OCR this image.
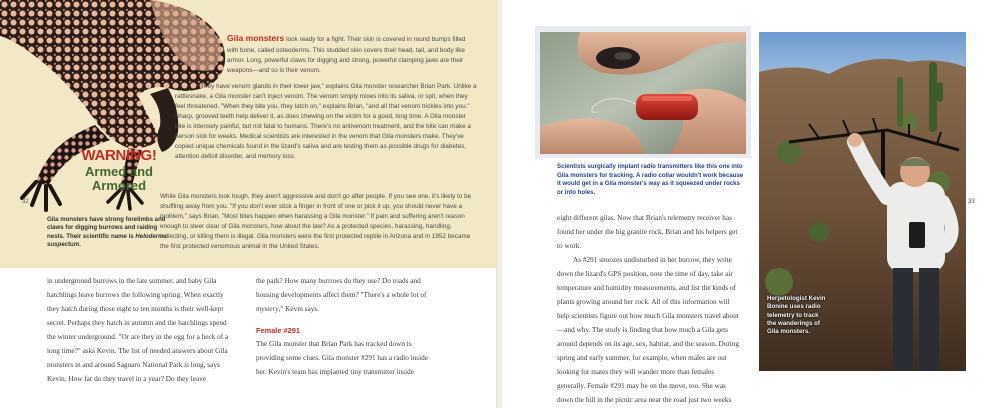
WARNING!
Armed and Armored
Gila monsters have strong forelimbs and claws for digging burrows and raiding nests. Their scientific name is Heloderma suspectum.

Gila monsters look ready for a fight. Their skin is covered in round bumps filled with bone, called osteoderms. This studded skin covers their head, tail, and body like armor. Long, powerful claws for digging and strong, powerful clamping jaws are their weapons—and so is their venom.

"They have venom glands in their lower jaw," explains Gila monster researcher Brian Park. Unlike a rattlesnake, a Gila monster can't inject venom. The venom simply mixes into its saliva, or spit, when they feel threatened. "When they bite you, they latch on," explains Brian, "and all that venom trickles into you." Sharp, grooved teeth help deliver it, as does chewing on the victim for a good, long time. A Gila monster bite is intensely painful, but not fatal to humans. There's no antivenom treatment, and the bite can make a person sick for weeks. Medical scientists are interested in the venom that Gila monsters make. They've copied unique chemicals found in the lizard's saliva and are testing them as possible drugs for diabetes, attention deficit disorder, and memory loss.

While Gila monsters look tough, they aren't aggressive and don't go after people. If you see one, it's likely to be shuffling away from you. "If you don't ever stick a finger in front of one or pick it up, you should never have a problem," says Brian. "Most bites happen when harassing a Gila monster." If pain and suffering aren't reason enough to steer clear of Gila monsters, how about the law? As a protected species, harassing, handling, collecting, or killing them is illegal. Gila monsters were the first protected reptile in Arizona and in 1952 became the first protected venomous animal in the United States.

32

in underground burrows in the late summer, and baby Gila hatchlings leave burrows the following spring. When exactly they hatch during those eight to ten months is their well-kept secret. Perhaps they hatch in autumn and the hatchlings spend the winter underground. "Or are they in the egg for a heck of a long time?" asks Kevin. The list of needed answers about Gila monsters in and around Saguaro National Park is long, says Kevin. How far do they travel in a year? Do they leave

the park? How many burrows do they use? Do roads and housing developments affect them? "There's a whole lot of mystery," Kevin says.

Female #291

The Gila monster that Brian Park has tracked down is providing some clues. Gila monster #291 has a radio inside her. Kevin's team has implanted tiny transmitter inside

Scientists surgically implant radio transmitters like this one into Gila monsters for tracking. A radio collar wouldn't work because it would get in a Gila monster's way as it squeezed under rocks or into holes.

Herpetologist Kevin Bonine uses radio telemetry to track the wanderings of Gila monsters.

33

eight different gilas. Now that Brian's telemetry receiver has found her under the big granite rock, Brian and his helpers get to work.

As #291 snoozes undisturbed in her burrow, they write down the lizard's GPS position, note the time of day, take air temperature and humidity measurements, and list the kinds of plants growing around her rock. All of this information will help scientists figure out how much Gila monsters travel about—and why. The study is finding that how much a Gila gets around depends on its age, sex, habitat, and the season. During spring and early summer, for example, when males are out looking for mates they will wander more than females generally. Female #291 may be on the move, too. She was down the hill in the picnic area near the road just two weeks
